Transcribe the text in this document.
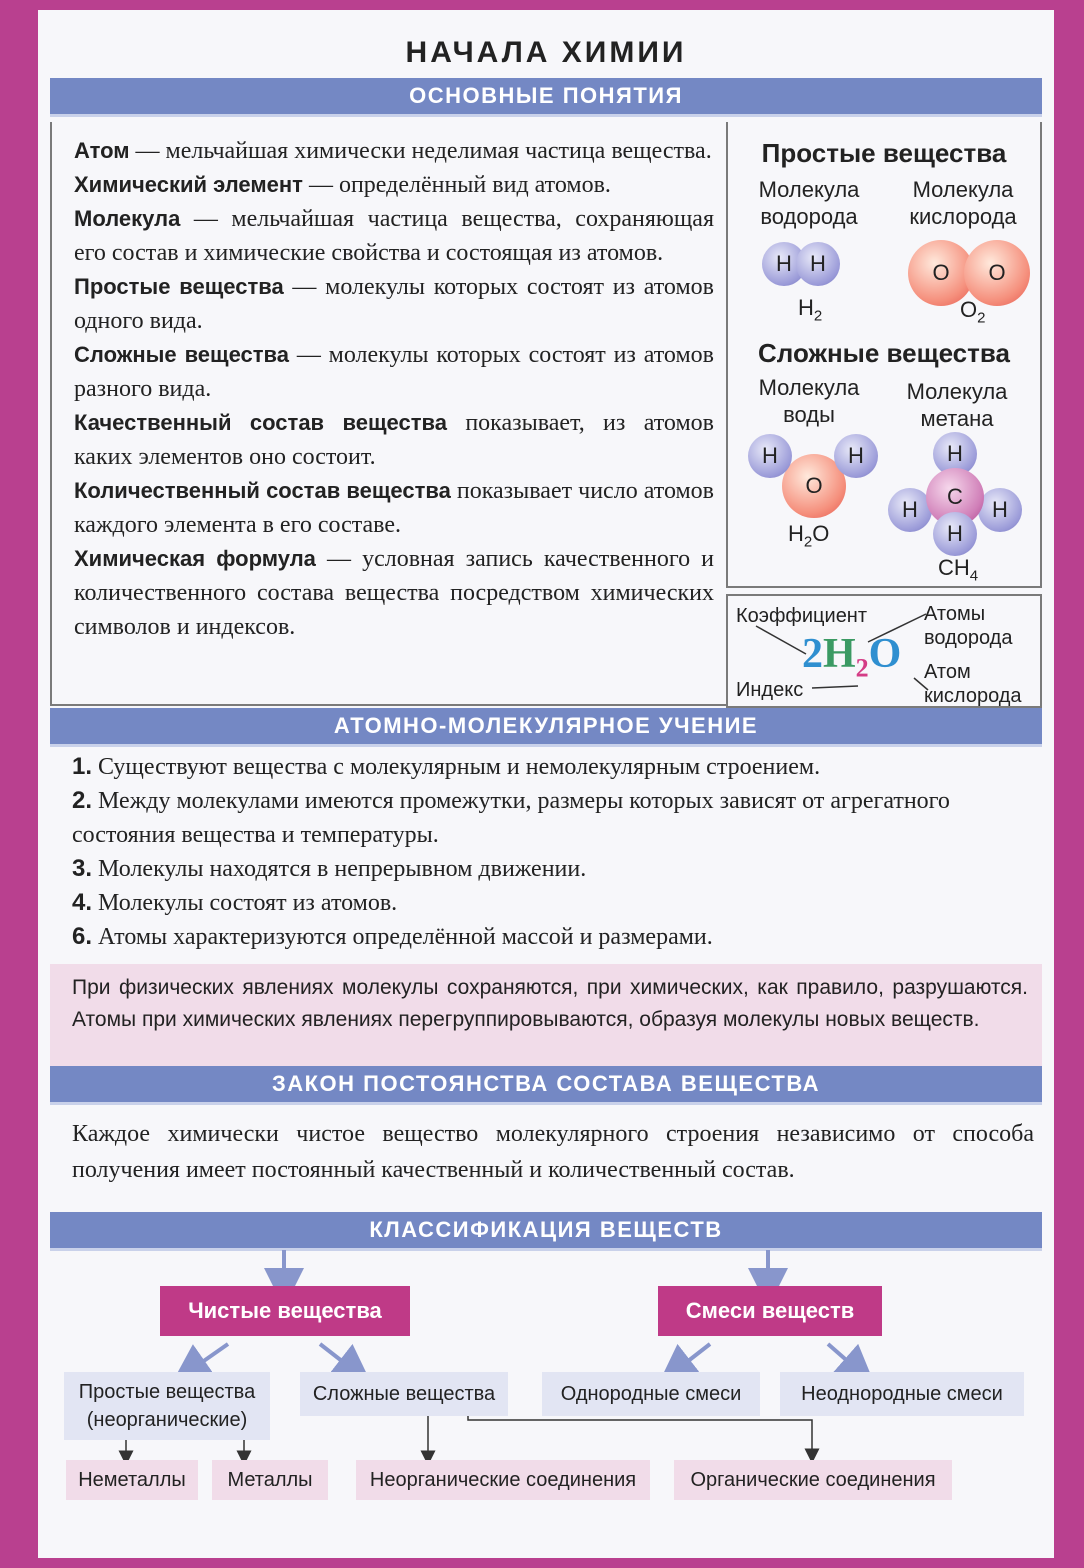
НАЧАЛА ХИМИИ
ОСНОВНЫЕ ПОНЯТИЯ

Атом — мельчайшая химически неделимая частица вещества.

Химический элемент — определённый вид атомов.

Молекула — мельчайшая частица вещества, сохраняющая его состав и химические свойства и состоящая из атомов.

Простые вещества — молекулы которых состоят из атомов одного вида.

Сложные вещества — молекулы которых состоят из атомов разного вида.

Качественный состав вещества показывает, из атомов каких элементов оно состоит.

Количественный состав вещества показывает число атомов каждого элемента в его составе.

Химическая формула — условная запись качественного и количественного состава вещества посредством химических символов и индексов.

Простые вещества
Молекула водорода
Молекула кислорода
H H
$H_2$
O O
$O_2$
Сложные вещества
Молекула воды
Молекула метана
O
H	H
$H_2O$
H
H	H
C
H
$CH_4$
Коэффициент	Атомы водорода
Индекс
Атом кислорода
$2H_2O$
АТОМНО-МОЛЕКУЛЯРНОЕ УЧЕНИЕ

1. Существуют вещества с молекулярным и немолекулярным строением.

2. Между молекулами имеются промежутки, размеры которых зависят от агрегатного состояния вещества и температуры.

3. Молекулы находятся в непрерывном движении.

4. Молекулы состоят из атомов.

6. Атомы характеризуются определённой массой и размерами.

При физических явлениях молекулы сохраняются, при химических, как правило, разрушаются. Атомы при химических явлениях перегруппировываются, образуя молекулы новых веществ.
ЗАКОН ПОСТОЯНСТВА СОСТАВА ВЕЩЕСТВА
Каждое химически чистое вещество молекулярного строения независимо от способа получения имеет постоянный качественный и количественный состав.
КЛАССИФИКАЦИЯ ВЕЩЕСТВ
Чистые вещества	Смеси веществ
Простые вещества (неорганические)
Сложные вещества	Однородные смеси	Неоднородные смеси
Неметаллы	Металлы	Неорганические соединения	Органические соединения
